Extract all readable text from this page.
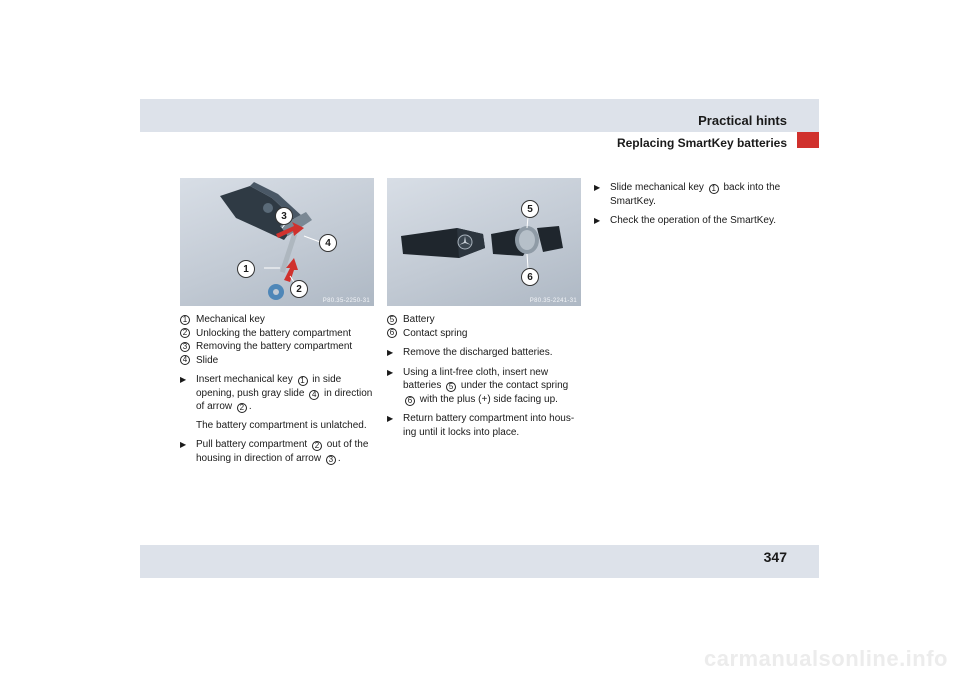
Practical hints
Replacing SmartKey batteries
3
4
1
2
P80.35-2250-31
5
6
P80.35-2241-31
1 Mechanical key
2 Unlocking the battery compartment
3 Removing the battery compartment
4 Slide
▶ Insert mechanical key 1 in side opening, push gray slide 4 in direction of arrow 2 .
The battery compartment is unlatched.
▶ Pull battery compartment 2 out of the housing in direction of arrow 3 .
5 Battery
6 Contact spring
▶ Remove the discharged batteries.
▶ Using a lint-free cloth, insert new batteries 5 under the contact spring 6 with the plus (+) side facing up.
▶ Return battery compartment into hous-ing until it locks into place.
▶ Slide mechanical key 1 back into the SmartKey.
▶ Check the operation of the SmartKey.
347
carmanualsonline.info
